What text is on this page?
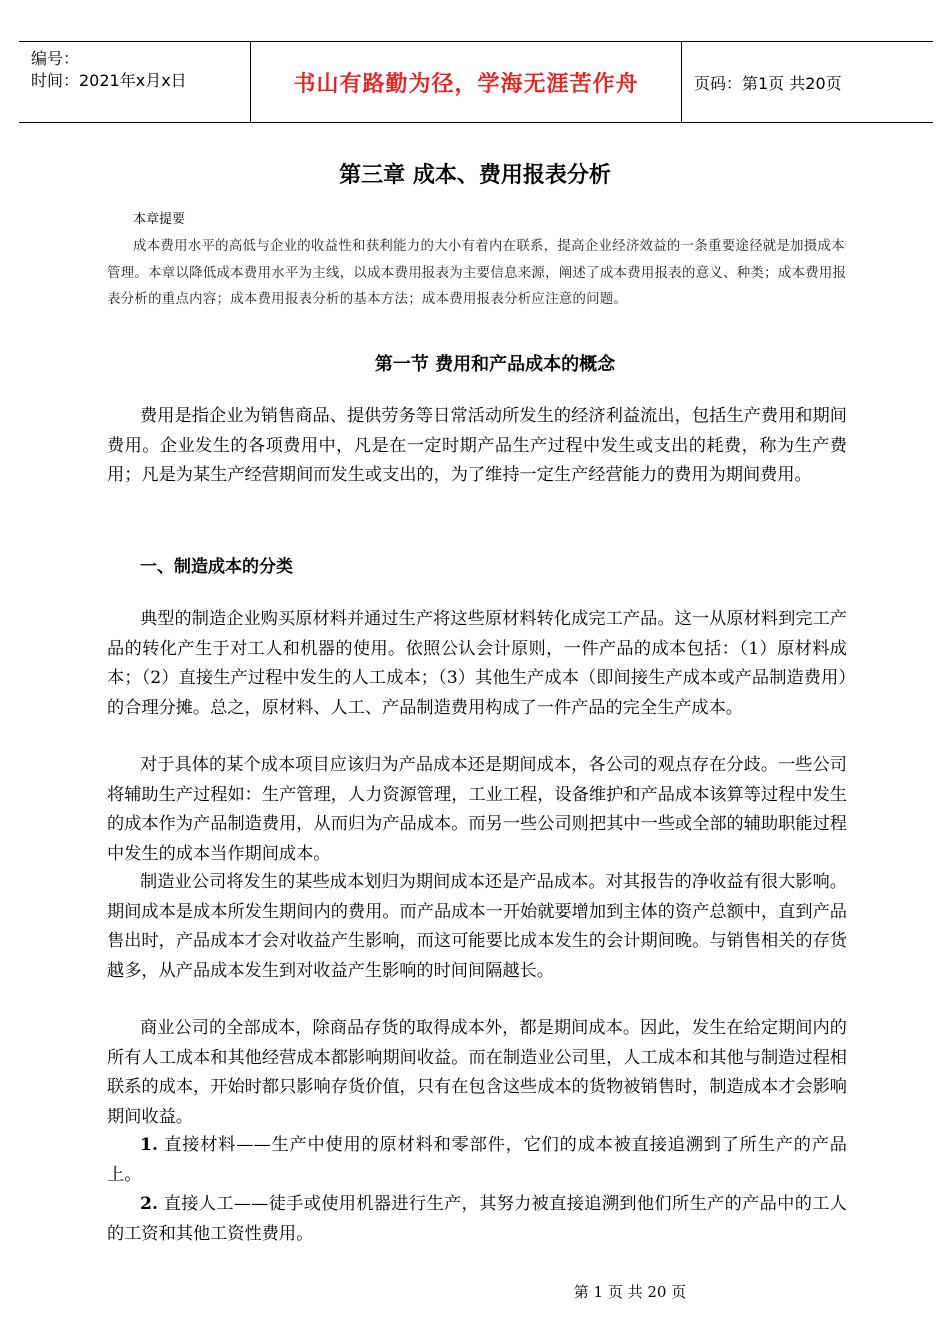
编号：
时间：2021年x月x日	书山有路勤为径，学海无涯苦作舟	页码：第1页 共20页
第三章 成本、费用报表分析
本章提要
成本费用水平的高低与企业的收益性和获利能力的大小有着内在联系，提高企业经济效益的一条重要途径就是加摄成本管理。本章以降低成本费用水平为主线，以成本费用报表为主要信息来源，阐述了成本费用报表的意义、种类；成本费用报表分析的重点内容；成本费用报表分析的基本方法；成本费用报表分析应注意的问题。
第一节 费用和产品成本的概念

费用是指企业为销售商品、提供劳务等日常活动所发生的经济利益流出，包括生产费用和期间费用。企业发生的各项费用中，凡是在一定时期产品生产过程中发生或支出的耗费，称为生产费用；凡是为某生产经营期间而发生或支出的，为了维持一定生产经营能力的费用为期间费用。

一、制造成本的分类

典型的制造企业购买原材料并通过生产将这些原材料转化成完工产品。这一从原材料到完工产品的转化产生于对工人和机器的使用。依照公认会计原则，一件产品的成本包括：（1）原材料成本；（2）直接生产过程中发生的人工成本；（3）其他生产成本（即间接生产成本或产品制造费用）的合理分摊。总之，原材料、人工、产品制造费用构成了一件产品的完全生产成本。

对于具体的某个成本项目应该归为产品成本还是期间成本，各公司的观点存在分歧。一些公司将辅助生产过程如：生产管理，人力资源管理，工业工程，设备维护和产品成本该算等过程中发生的成本作为产品制造费用，从而归为产品成本。而另一些公司则把其中一些或全部的辅助职能过程中发生的成本当作期间成本。

制造业公司将发生的某些成本划归为期间成本还是产品成本。对其报告的净收益有很大影响。期间成本是成本所发生期间内的费用。而产品成本一开始就要增加到主体的资产总额中，直到产品售出时，产品成本才会对收益产生影响，而这可能要比成本发生的会计期间晚。与销售相关的存货越多，从产品成本发生到对收益产生影响的时间间隔越长。

商业公司的全部成本，除商品存货的取得成本外，都是期间成本。因此，发生在给定期间内的所有人工成本和其他经营成本都影响期间收益。而在制造业公司里，人工成本和其他与制造过程相联系的成本，开始时都只影响存货价值，只有在包含这些成本的货物被销售时，制造成本才会影响期间收益。

1. 直接材料——生产中使用的原材料和零部件，它们的成本被直接追溯到了所生产的产品上。

2. 直接人工——徒手或使用机器进行生产，其努力被直接追溯到他们所生产的产品中的工人的工资和其他工资性费用。

第 1 页 共 20 页
